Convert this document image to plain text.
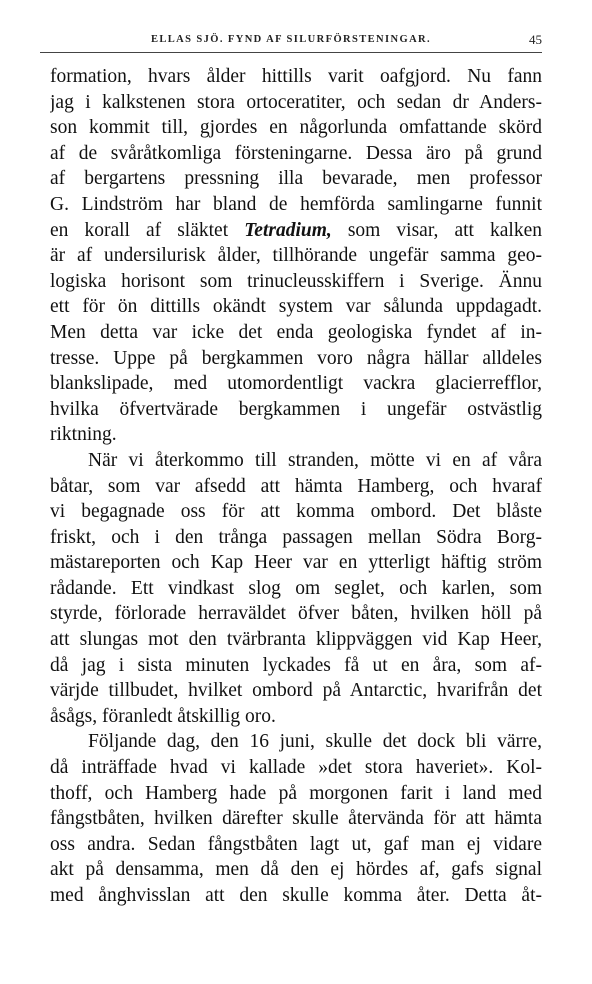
ELLAS SJÖ. FYND AF SILURFÖRSTENINGAR.	45
formation, hvars ålder hittills varit oafgjord. Nu fann
jag i kalkstenen stora ortoceratiter, och sedan dr Anders-
son kommit till, gjordes en någorlunda omfattande skörd
af de svåråtkomliga försteningarne. Dessa äro på grund
af bergartens pressning illa bevarade, men professor
G. Lindström har bland de hemförda samlingarne funnit
en korall af släktet Tetradium, som visar, att kalken
är af undersilurisk ålder, tillhörande ungefär samma geo-
logiska horisont som trinucleusskiffern i Sverige. Ännu
ett för ön dittills okändt system var sålunda uppdagadt.
Men detta var icke det enda geologiska fyndet af in-
tresse. Uppe på bergkammen voro några hällar alldeles
blankslipade, med utomordentligt vackra glacierrefflor,
hvilka öfvertvärade bergkammen i ungefär ostvästlig
riktning.
När vi återkommo till stranden, mötte vi en af våra
båtar, som var afsedd att hämta Hamberg, och hvaraf
vi begagnade oss för att komma ombord. Det blåste
friskt, och i den trånga passagen mellan Södra Borg-
mästareporten och Kap Heer var en ytterligt häftig ström
rådande. Ett vindkast slog om seglet, och karlen, som
styrde, förlorade herraväldet öfver båten, hvilken höll på
att slungas mot den tvärbranta klippväggen vid Kap Heer,
då jag i sista minuten lyckades få ut en åra, som af-
värjde tillbudet, hvilket ombord på Antarctic, hvarifrån det
åsågs, föranledt åtskillig oro.
Följande dag, den 16 juni, skulle det dock bli värre,
då inträffade hvad vi kallade »det stora haveriet». Kol-
thoff, och Hamberg hade på morgonen farit i land med
fångstbåten, hvilken därefter skulle återvända för att hämta
oss andra. Sedan fångstbåten lagt ut, gaf man ej vidare
akt på densamma, men då den ej hördes af, gafs signal
med ånghvisslan att den skulle komma åter. Detta åt-
